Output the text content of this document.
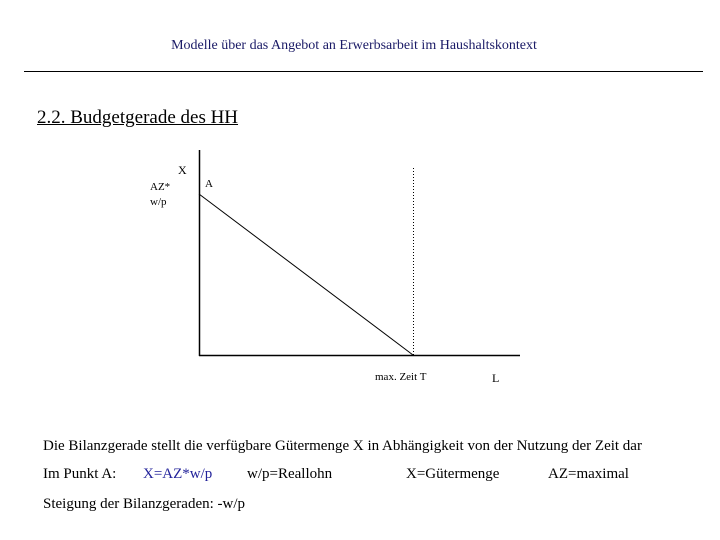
Modelle über das Angebot an Erwerbsarbeit im Haushaltskontext
2.2. Budgetgerade des HH
X
AZ*
w/p
A
max. Zeit T	L
Die Bilanzgerade stellt die verfügbare Gütermenge X in Abhängigkeit von der Nutzung der Zeit dar
Im Punkt A: X=AZ*w/p w/p=Reallohn	X=Gütermenge	AZ=maximal
Steigung der Bilanzgeraden: -w/p
